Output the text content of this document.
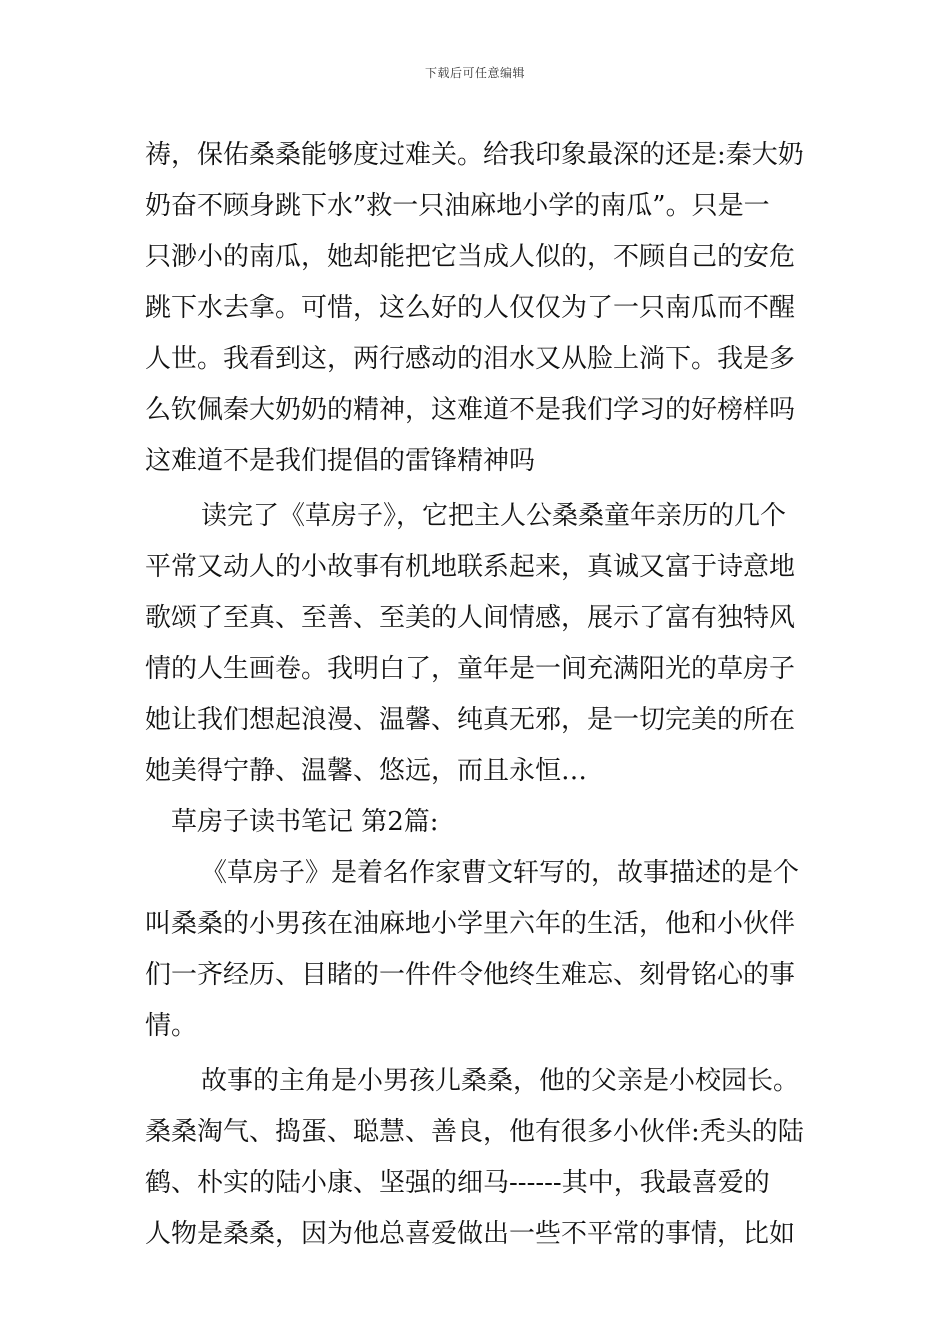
下载后可任意编辑
祷，保佑桑桑能够度过难关。给我印象最深的还是:秦大奶
奶奋不顾身跳下水”救一只油麻地小学的南瓜”。只是一
只渺小的南瓜，她却能把它当成人似的，不顾自己的安危
跳下水去拿。可惜，这么好的人仅仅为了一只南瓜而不醒
人世。我看到这，两行感动的泪水又从脸上淌下。我是多
么钦佩秦大奶奶的精神，这难道不是我们学习的好榜样吗
这难道不是我们提倡的雷锋精神吗
读完了《草房子》，它把主人公桑桑童年亲历的几个
平常又动人的小故事有机地联系起来，真诚又富于诗意地
歌颂了至真、至善、至美的人间情感，展示了富有独特风
情的人生画卷。我明白了，童年是一间充满阳光的草房子
她让我们想起浪漫、温馨、纯真无邪，是一切完美的所在
她美得宁静、温馨、悠远，而且永恒…
草房子读书笔记 第2篇:
《草房子》是着名作家曹文轩写的，故事描述的是个
叫桑桑的小男孩在油麻地小学里六年的生活，他和小伙伴
们一齐经历、目睹的一件件令他终生难忘、刻骨铭心的事
情。
故事的主角是小男孩儿桑桑，他的父亲是小校园长。
桑桑淘气、捣蛋、聪慧、善良，他有很多小伙伴:秃头的陆
鹤、朴实的陆小康、坚强的细马------其中，我最喜爱的
人物是桑桑，因为他总喜爱做出一些不平常的事情，比如
